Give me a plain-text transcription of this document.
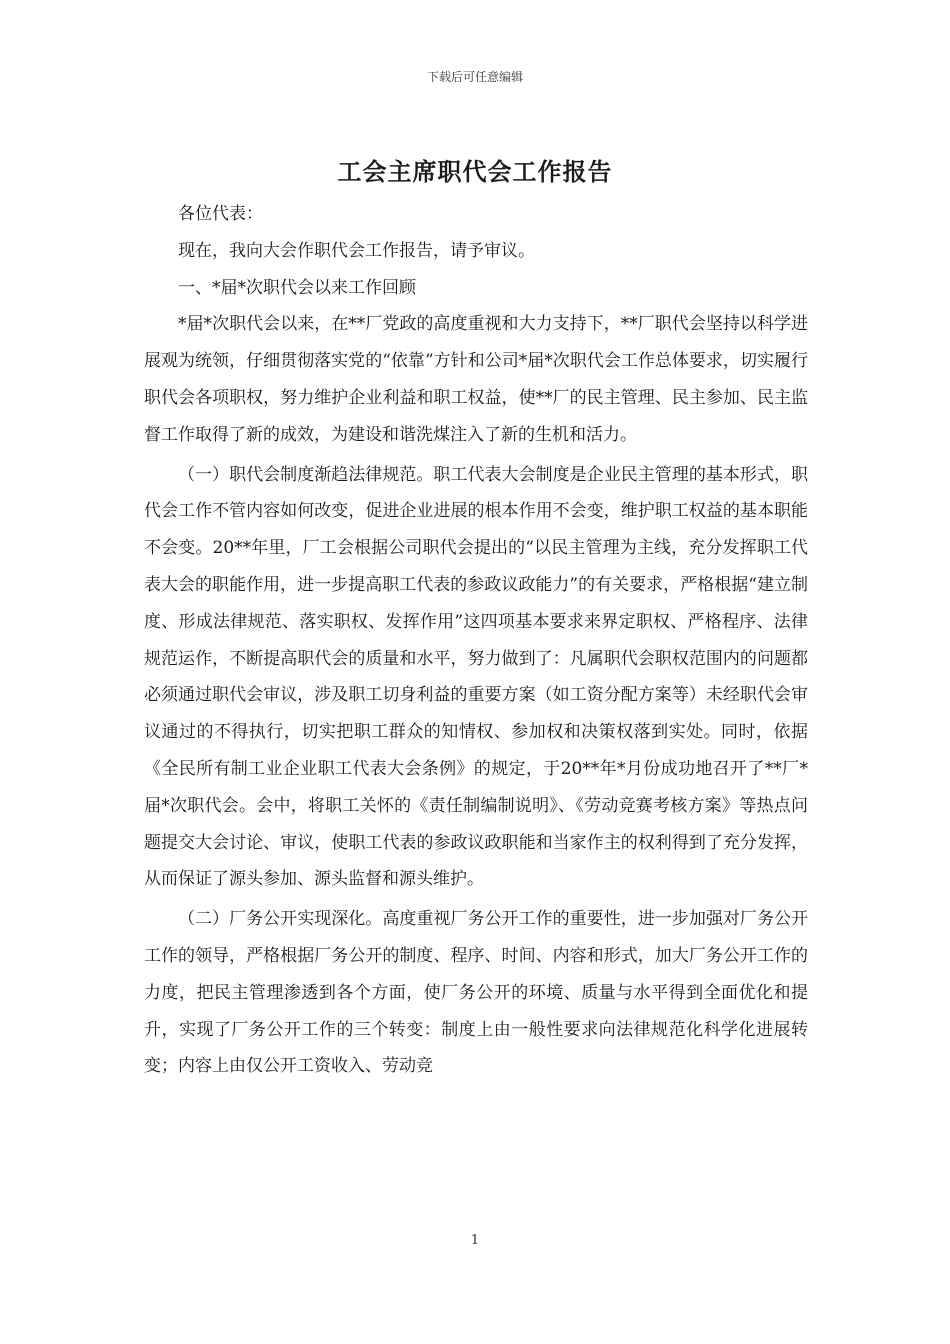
下载后可任意编辑
工会主席职代会工作报告

各位代表：

现在，我向大会作职代会工作报告，请予审议。

一、*届*次职代会以来工作回顾

*届*次职代会以来，在**厂党政的高度重视和大力支持下，**厂职代会坚持以科学进展观为统领，仔细贯彻落实党的“依靠”方针和公司*届*次职代会工作总体要求，切实履行职代会各项职权，努力维护企业利益和职工权益，使**厂的民主管理、民主参加、民主监督工作取得了新的成效，为建设和谐洗煤注入了新的生机和活力。

（一）职代会制度渐趋法律规范。职工代表大会制度是企业民主管理的基本形式，职代会工作不管内容如何改变，促进企业进展的根本作用不会变，维护职工权益的基本职能不会变。20**年里，厂工会根据公司职代会提出的“以民主管理为主线，充分发挥职工代表大会的职能作用，进一步提高职工代表的参政议政能力”的有关要求，严格根据“建立制度、形成法律规范、落实职权、发挥作用”这四项基本要求来界定职权、严格程序、法律规范运作，不断提高职代会的质量和水平，努力做到了：凡属职代会职权范围内的问题都必须通过职代会审议，涉及职工切身利益的重要方案（如工资分配方案等）未经职代会审议通过的不得执行，切实把职工群众的知情权、参加权和决策权落到实处。同时，依据《全民所有制工业企业职工代表大会条例》的规定，于20**年*月份成功地召开了**厂*届*次职代会。会中，将职工关怀的《责任制编制说明》、《劳动竞赛考核方案》等热点问题提交大会讨论、审议，使职工代表的参政议政职能和当家作主的权利得到了充分发挥，从而保证了源头参加、源头监督和源头维护。

（二）厂务公开实现深化。高度重视厂务公开工作的重要性，进一步加强对厂务公开工作的领导，严格根据厂务公开的制度、程序、时间、内容和形式，加大厂务公开工作的力度，把民主管理渗透到各个方面，使厂务公开的环境、质量与水平得到全面优化和提升，实现了厂务公开工作的三个转变：制度上由一般性要求向法律规范化科学化进展转变；内容上由仅公开工资收入、劳动竞

1
